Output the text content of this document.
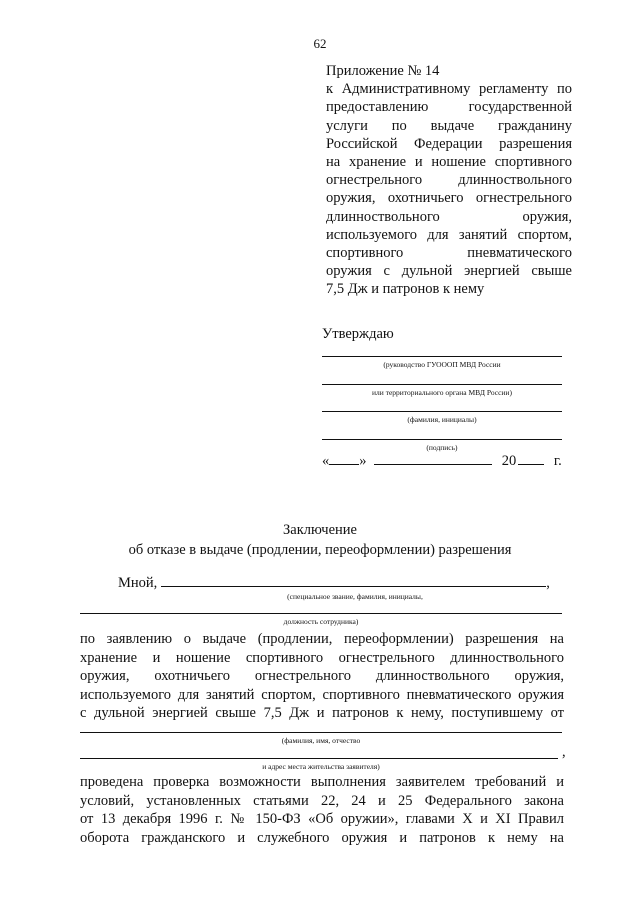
62
Приложение № 14
к Административному регламенту по
предоставлению государственной
услуги по выдаче гражданину
Российской Федерации разрешения
на хранение и ношение спортивного
огнестрельного длинноствольного
оружия, охотничьего огнестрельного
длинноствольного оружия,
используемого для занятий спортом,
спортивного пневматического
оружия с дульной энергией свыше
7,5 Дж и патронов к нему
Утверждаю
(руководство ГУОООП МВД России
или территориального органа МВД России)
(фамилия, инициалы)
(подпись)
« »	20	г.
Заключение
об отказе в выдаче (продлении, переоформлении) разрешения
Мной,	,
(специальное звание, фамилия, инициалы,
должность сотрудника)
по заявлению о выдаче (продлении, переоформлении) разрешения на
хранение и ношение спортивного огнестрельного длинноствольного
оружия, охотничьего огнестрельного длинноствольного оружия,
используемого для занятий спортом, спортивного пневматического оружия
с дульной энергией свыше 7,5 Дж и патронов к нему, поступившему от
(фамилия, имя, отчество
,
и адрес места жительства заявителя)
проведена проверка возможности выполнения заявителем требований и
условий, установленных статьями 22, 24 и 25 Федерального закона
от 13 декабря 1996 г. № 150-ФЗ «Об оружии», главами X и XI Правил
оборота гражданского и служебного оружия и патронов к нему на
